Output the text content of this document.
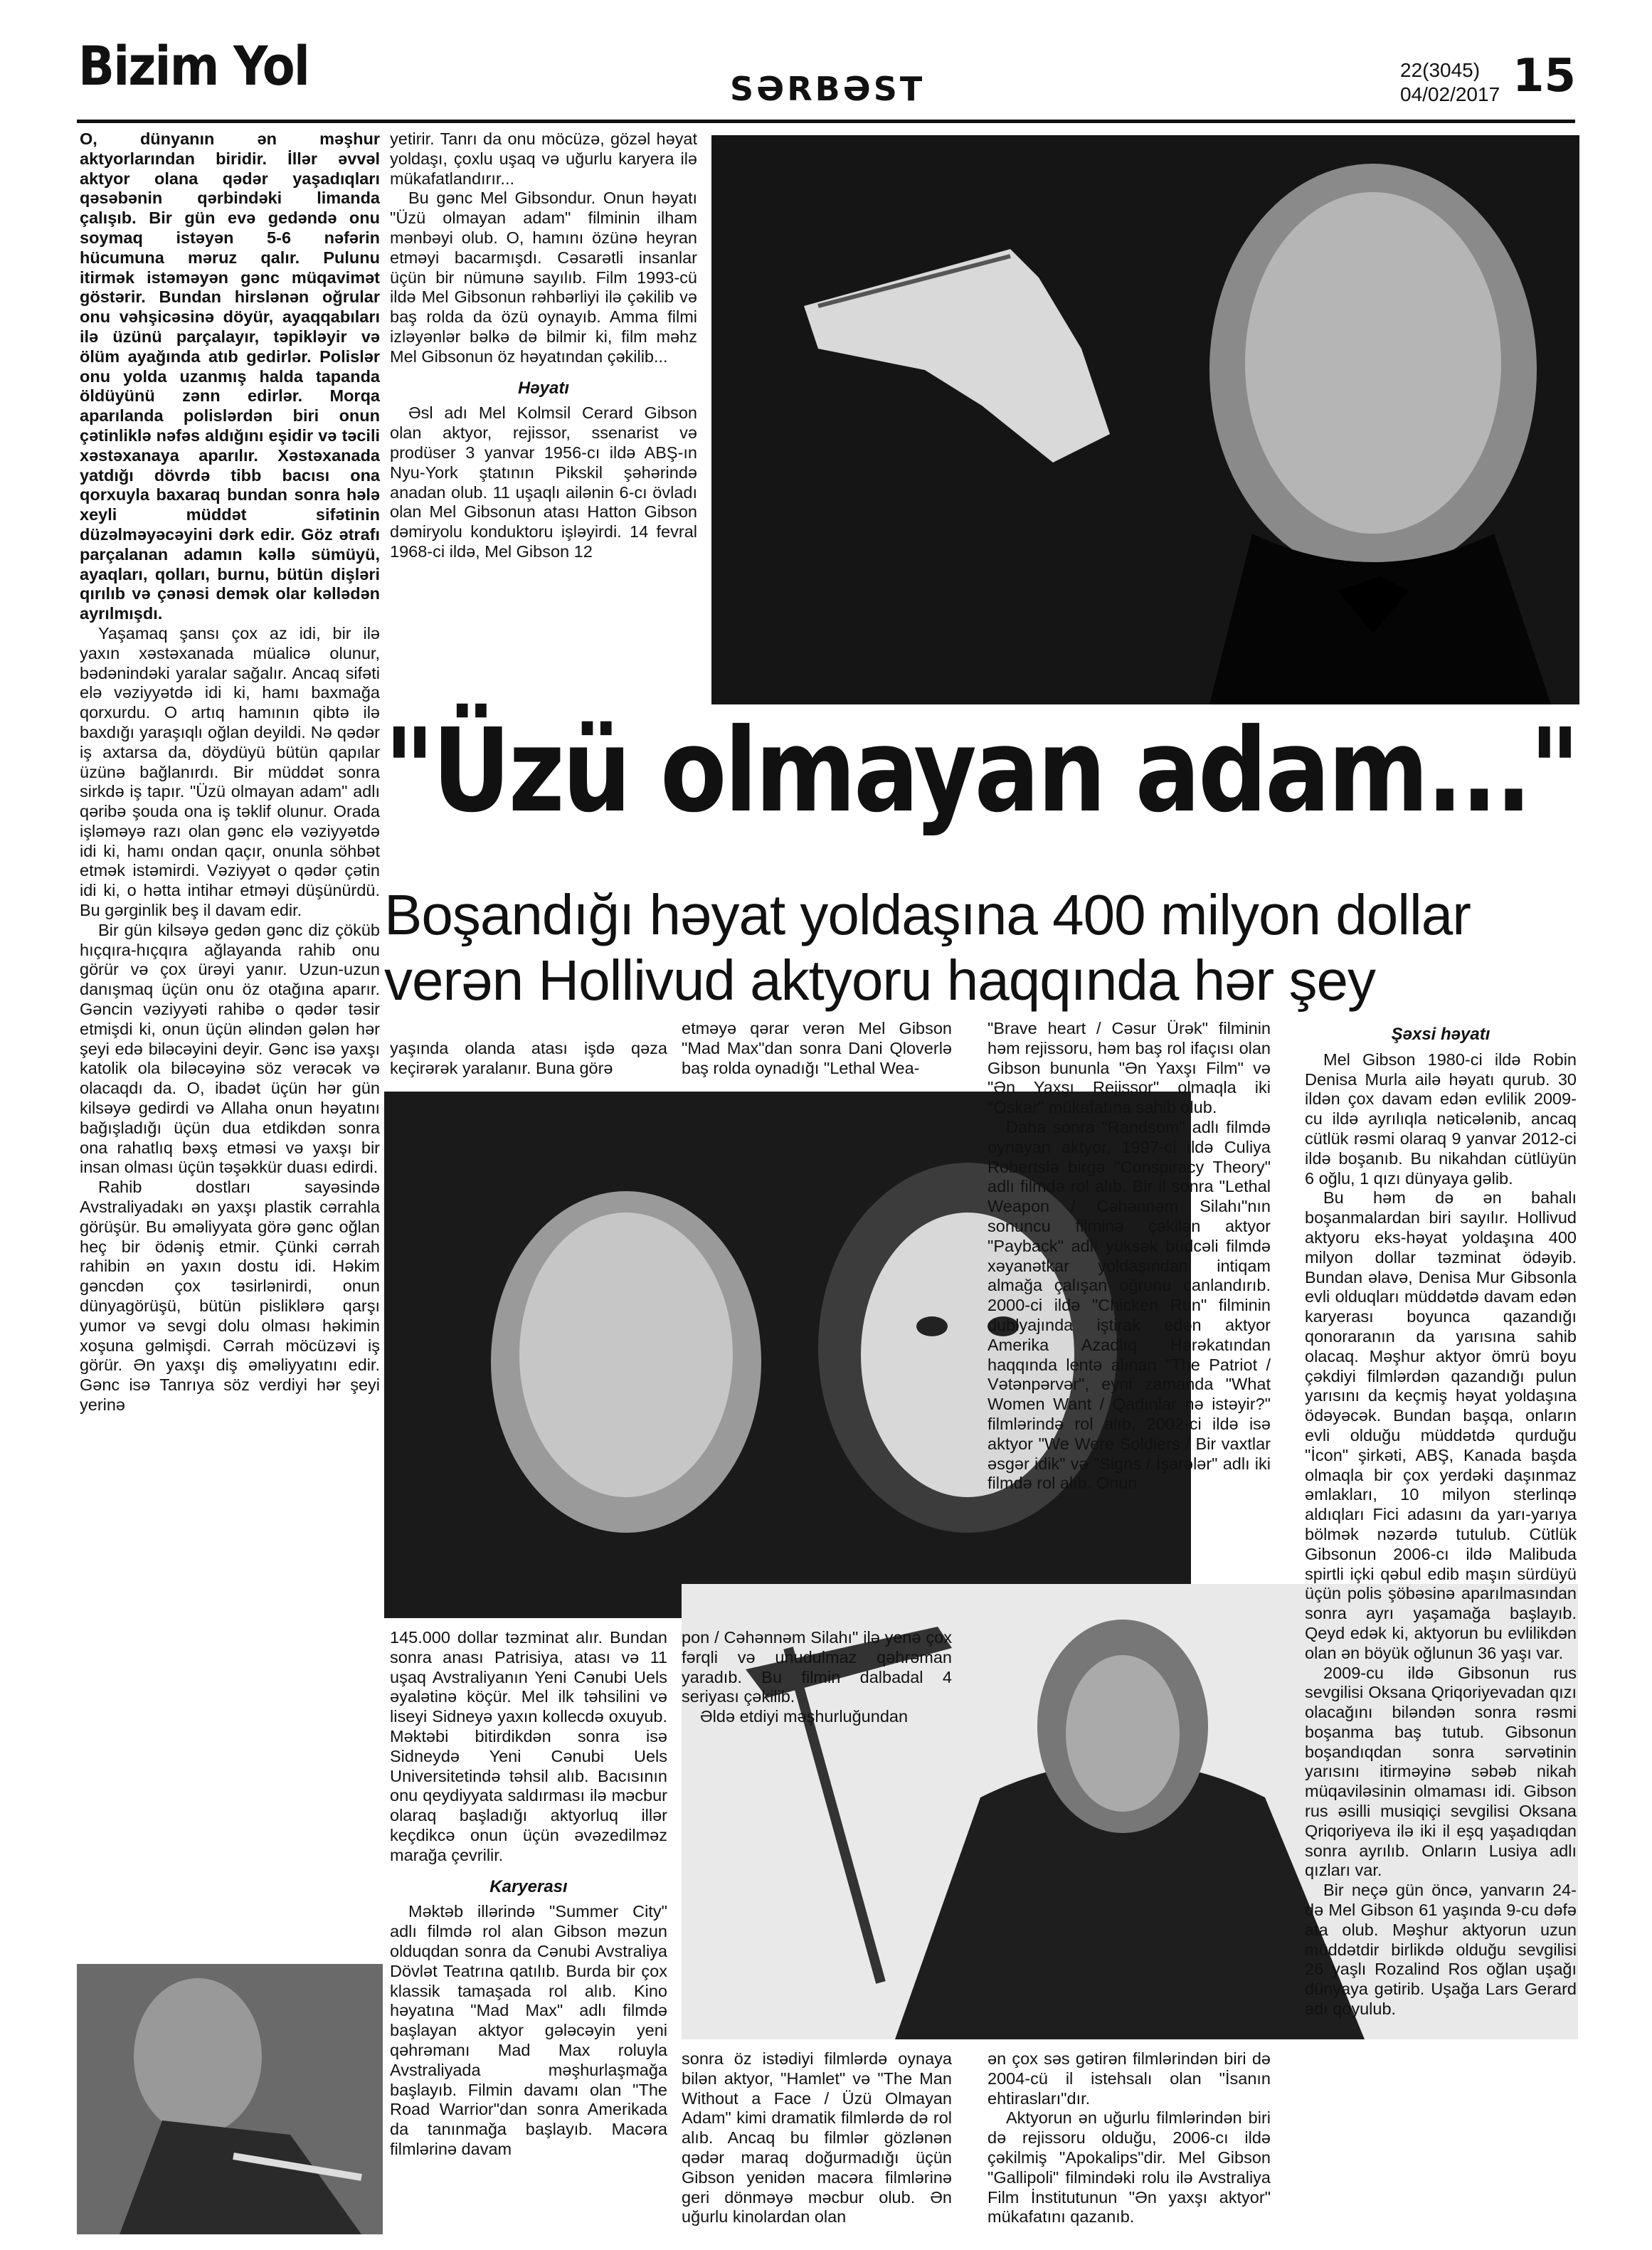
Bizim Yol	SƏRBƏST	22(3045)
04/02/2017 15
"Üzü olmayan adam..."
Boşandığı həyat yoldaşına 400 milyon dollar verən Hollivud aktyoru haqqında hər şey

O, dünyanın ən məşhur aktyorlarından biridir. İllər əvvəl aktyor olana qədər yaşadıqları qəsəbənin qərbindəki limanda çalışıb. Bir gün evə gedəndə onu soymaq istəyən 5-6 nəfərin hücumuna məruz qalır. Pulunu itirmək istəməyən gənc müqavimət göstərir. Bundan hirslənən oğrular onu vəhşicəsinə döyür, ayaqqabıları ilə üzünü parçalayır, təpikləyir və ölüm ayağında atıb gedirlər. Polislər onu yolda uzanmış halda tapanda öldüyünü zənn edirlər. Morqa aparılanda polislərdən biri onun çətinliklə nəfəs aldığını eşidir və təcili xəstəxanaya aparılır. Xəstəxanada yatdığı dövrdə tibb bacısı ona qorxuyla baxaraq bundan sonra hələ xeyli müddət sifətinin düzəlməyəcəyini dərk edir. Göz ətrafı parçalanan adamın kəllə sümüyü, ayaqları, qolları, burnu, bütün dişləri qırılıb və çənəsi demək olar kəllədən ayrılmışdı.

Yaşamaq şansı çox az idi, bir ilə yaxın xəstəxanada müalicə olunur, bədənindəki yaralar sağalır. Ancaq sifəti elə vəziyyətdə idi ki, hamı baxmağa qorxurdu. O artıq hamının qibtə ilə baxdığı yaraşıqlı oğlan deyildi. Nə qədər iş axtarsa da, döydüyü bütün qapılar üzünə bağlanırdı. Bir müddət sonra sirkdə iş tapır. "Üzü olmayan adam" adlı qəribə şouda ona iş təklif olunur. Orada işləməyə razı olan gənc elə vəziyyətdə idi ki, hamı ondan qaçır, onunla söhbət etmək istəmirdi. Vəziyyət o qədər çətin idi ki, o hətta intihar etməyi düşünürdü. Bu gərginlik beş il davam edir.

Bir gün kilsəyə gedən gənc diz çöküb hıçqıra-hıçqıra ağlayanda rahib onu görür və çox ürəyi yanır. Uzun-uzun danışmaq üçün onu öz otağına aparır. Gəncin vəziyyəti rahibə o qədər təsir etmişdi ki, onun üçün əlindən gələn hər şeyi edə biləcəyini deyir. Gənc isə yaxşı katolik ola biləcəyinə söz verəcək və olacaqdı da. O, ibadət üçün hər gün kilsəyə gedirdi və Allaha onun həyatını bağışladığı üçün dua etdikdən sonra ona rahatlıq bəxş etməsi və yaxşı bir insan olması üçün təşəkkür duası edirdi.

Rahib dostları sayəsində Avstraliyadakı ən yaxşı plastik cərrahla görüşür. Bu əməliyyata görə gənc oğlan heç bir ödəniş etmir. Çünki cərrah rahibin ən yaxın dostu idi. Həkim gəncdən çox təsirlənirdi, onun dünyagörüşü, bütün pisliklərə qarşı yumor və sevgi dolu olması həkimin xoşuna gəlmişdi. Cərrah möcüzəvi iş görür. Ən yaxşı diş əməliyyatını edir. Gənc isə Tanrıya söz verdiyi hər şeyi yerinə

yetirir. Tanrı da onu möcüzə, gözəl həyat yoldaşı, çoxlu uşaq və uğurlu karyera ilə mükafatlandırır...

Bu gənc Mel Gibsondur. Onun həyatı "Üzü olmayan adam" filminin ilham mənbəyi olub. O, hamını özünə heyran etməyi bacarmışdı. Cəsarətli insanlar üçün bir nümunə sayılıb. Film 1993-cü ildə Mel Gibsonun rəhbərliyi ilə çəkilib və baş rolda da özü oynayıb. Amma filmi izləyənlər bəlkə də bilmir ki, film məhz Mel Gibsonun öz həyatından çəkilib...

Həyatı

Əsl adı Mel Kolmsil Cerard Gibson olan aktyor, rejissor, ssenarist və prodüser 3 yanvar 1956-cı ildə ABŞ-ın Nyu-York ştatının Pikskil şəhərində anadan olub. 11 uşaqlı ailənin 6-cı övladı olan Mel Gibsonun atası Hatton Gibson dəmiryolu konduktoru işləyirdi. 14 fevral 1968-ci ildə, Mel Gibson 12

yaşında olanda atası işdə qəza keçirərək yaralanır. Buna görə

145.000 dollar təzminat alır. Bundan sonra anası Patrisiya, atası və 11 uşaq Avstraliyanın Yeni Cənubi Uels əyalətinə köçür. Mel ilk təhsilini və liseyi Sidneyə yaxın kollecdə oxuyub. Məktəbi bitirdikdən sonra isə Sidneydə Yeni Cənubi Uels Universitetində təhsil alıb. Bacısının onu qeydiyyata saldırması ilə məcbur olaraq başladığı aktyorluq illər keçdikcə onun üçün əvəzedilməz marağa çevrilir.

Karyerası

Məktəb illərində "Summer City" adlı filmdə rol alan Gibson məzun olduqdan sonra da Cənubi Avstraliya Dövlət Teatrına qatılıb. Burda bir çox klassik tamaşada rol alıb. Kino həyatına "Mad Max" adlı filmdə başlayan aktyor gələcəyin yeni qəhrəmanı Mad Max roluyla Avstraliyada məşhurlaşmağa başlayıb. Filmin davamı olan "The Road Warrior"dan sonra Amerikada da tanınmağa başlayıb. Macəra filmlərinə davam

etməyə qərar verən Mel Gibson "Mad Max"dan sonra Dani Qloverlə baş rolda oynadığı "Lethal Wea-

pon / Cəhənnəm Silahı" ilə yenə çox fərqli və unudulmaz qəhrəman yaradıb. Bu filmin dalbadal 4 seriyası çəkilib.

Əldə etdiyi məşhurluğundan

sonra öz istədiyi filmlərdə oynaya bilən aktyor, "Hamlet" və "The Man Without a Face / Üzü Olmayan Adam" kimi dramatik filmlərdə də rol alıb. Ancaq bu filmlər gözlənən qədər maraq doğurmadığı üçün Gibson yenidən macəra filmlərinə geri dönməyə məcbur olub. Ən uğurlu kinolardan olan

"Brave heart / Cəsur Ürək" filminin həm rejissoru, həm baş rol ifaçısı olan Gibson bununla "Ən Yaxşı Film" və "Ən Yaxşı Rejissor" olmaqla iki "Oskar" mükafatına sahib olub.

Daha sonra "Randsom" adlı filmdə oynayan aktyor, 1997-ci ildə Culiya Robertslə birgə "Conspiracy Theory" adlı filmdə rol alıb. Bir il sonra "Lethal Weapon / Cəhənnəm Silahı"nın sonuncu filminə çəkilən aktyor "Payback" adlı yüksək büdcəli filmdə xəyanətkar yoldaşından intiqam almağa çalışan oğrunu canlandırıb. 2000-ci ildə "Chicken Run" filminin dublyajında iştirak edən aktyor Amerika Azadlıq Hərəkatından haqqında lentə alınan "The Patriot / Vətənpərvər", eyni zamanda "What Women Want / Qadınlar nə istəyir?" filmlərində rol alıb. 2002-ci ildə isə aktyor "We Were Soldiers / Bir vaxtlar əsgər idik" və "Signs / İşarələr" adlı iki filmdə rol alıb. Onun

ən çox səs gətirən filmlərindən biri də 2004-cü il istehsalı olan "İsanın ehtirasları"dır.

Aktyorun ən uğurlu filmlərindən biri də rejissoru olduğu, 2006-cı ildə çəkilmiş "Apokalips"dir. Mel Gibson "Gallipoli" filmindəki rolu ilə Avstraliya Film İnstitutunun "Ən yaxşı aktyor" mükafatını qazanıb.

Şəxsi həyatı

Mel Gibson 1980-ci ildə Robin Denisa Murla ailə həyatı qurub. 30 ildən çox davam edən evlilik 2009-cu ildə ayrılıqla nəticələnib, ancaq cütlük rəsmi olaraq 9 yanvar 2012-ci ildə boşanıb. Bu nikahdan cütlüyün 6 oğlu, 1 qızı dünyaya gəlib.

Bu həm də ən bahalı boşanmalardan biri sayılır. Hollivud aktyoru eks-həyat yoldaşına 400 milyon dollar təzminat ödəyib. Bundan əlavə, Denisa Mur Gibsonla evli olduqları müddətdə davam edən karyerası boyunca qazandığı qonoraranın da yarısına sahib olacaq. Məşhur aktyor ömrü boyu çəkdiyi filmlərdən qazandığı pulun yarısını da keçmiş həyat yoldaşına ödəyəcək. Bundan başqa, onların evli olduğu müddətdə qurduğu "İcon" şirkəti, ABŞ, Kanada başda olmaqla bir çox yerdəki daşınmaz əmlakları, 10 milyon sterlinqə aldıqları Fici adasını da yarı-yarıya bölmək nəzərdə tutulub. Cütlük Gibsonun 2006-cı ildə Malibuda spirtli içki qəbul edib maşın sürdüyü üçün polis şöbəsinə aparılmasından sonra ayrı yaşamağa başlayıb. Qeyd edək ki, aktyorun bu evlilikdən olan ən böyük oğlunun 36 yaşı var.

2009-cu ildə Gibsonun rus sevgilisi Oksana Qriqoriyevadan qızı olacağını biləndən sonra rəsmi boşanma baş tutub. Gibsonun boşandıqdan sonra sərvətinin yarısını itirməyinə səbəb nikah müqaviləsinin olmaması idi. Gibson rus əsilli musiqiçi sevgilisi Oksana Qriqoriyeva ilə iki il eşq yaşadıqdan sonra ayrılıb. Onların Lusiya adlı qızları var.

Bir neçə gün öncə, yanvarın 24-də Mel Gibson 61 yaşında 9-cu dəfə ata olub. Məşhur aktyorun uzun müddətdir birlikdə olduğu sevgilisi 26 yaşlı Rozalind Ros oğlan uşağı dünyaya gətirib. Uşağa Lars Gerard adı qoyulub.
